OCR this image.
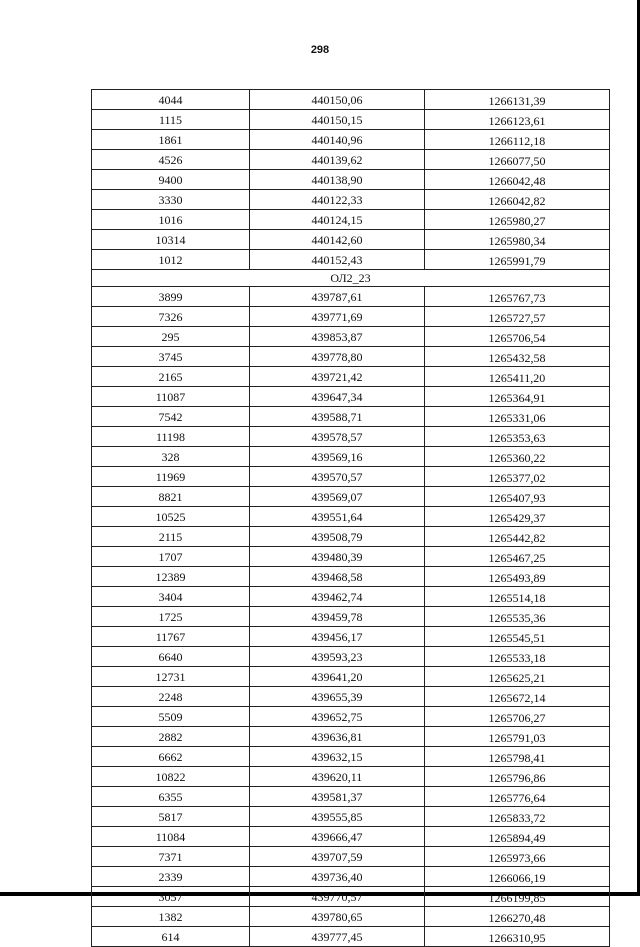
298
4044	440150,06	1266131,39
1115	440150,15	1266123,61
1861	440140,96	1266112,18
4526	440139,62	1266077,50
9400	440138,90	1266042,48
3330	440122,33	1266042,82
1016	440124,15	1265980,27
10314	440142,60	1265980,34
1012	440152,43	1265991,79
ОЛ2_23		
3899	439787,61	1265767,73
7326	439771,69	1265727,57
295	439853,87	1265706,54
3745	439778,80	1265432,58
2165	439721,42	1265411,20
11087	439647,34	1265364,91
7542	439588,71	1265331,06
11198	439578,57	1265353,63
328	439569,16	1265360,22
11969	439570,57	1265377,02
8821	439569,07	1265407,93
10525	439551,64	1265429,37
2115	439508,79	1265442,82
1707	439480,39	1265467,25
12389	439468,58	1265493,89
3404	439462,74	1265514,18
1725	439459,78	1265535,36
11767	439456,17	1265545,51
6640	439593,23	1265533,18
12731	439641,20	1265625,21
2248	439655,39	1265672,14
5509	439652,75	1265706,27
2882	439636,81	1265791,03
6662	439632,15	1265798,41
10822	439620,11	1265796,86
6355	439581,37	1265776,64
5817	439555,85	1265833,72
11084	439666,47	1265894,49
7371	439707,59	1265973,66
2339	439736,40	1266066,19
3057	439770,57	1266199,85
1382	439780,65	1266270,48
614	439777,45	1266310,95
